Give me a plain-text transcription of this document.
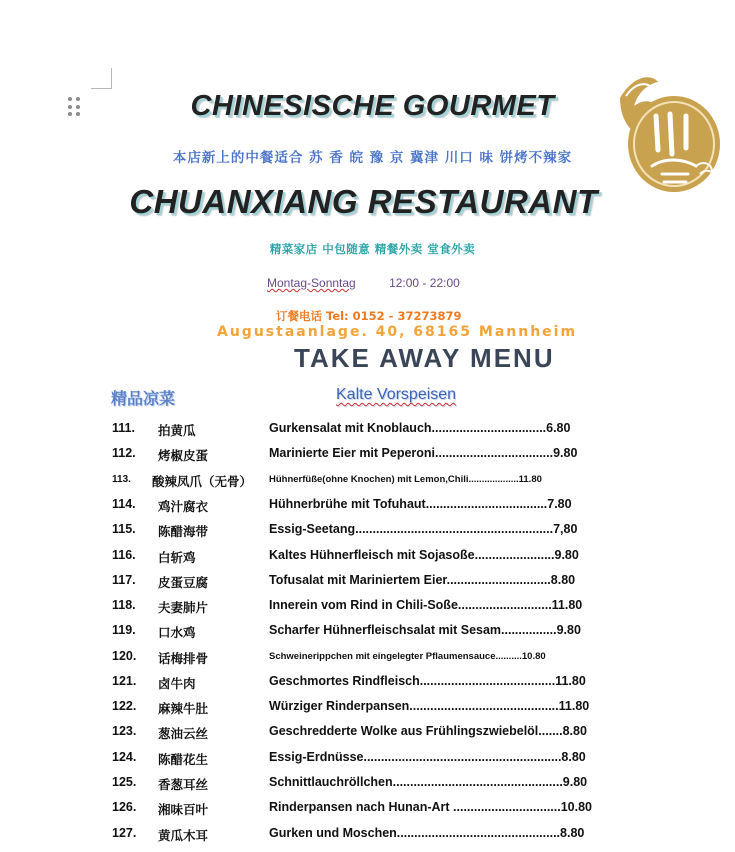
CHINESISCHE GOURMET
本店新上的中餐适合 苏 香 皖 豫 京 冀津 川口 味 饼烤不辣家
CHUANXIANG RESTAURANT
精菜家店 中包随意 精餐外卖 堂食外卖
Montag-Sonntag	12:00 - 22:00
订餐电话 Tel: 0152 - 37273879
Augustaanlage. 40, 68165 Mannheim
TAKE AWAY MENU
精品凉菜	Kalte Vorspeisen
111. 拍黄瓜	Gurkensalat mit Knoblauch.................................6.80
112. 烤椒皮蛋	Marinierte Eier mit Peperoni..................................9.80
113. 酸辣凤爪（无骨） Hühnerfüße(ohne Knochen) mit Lemon,Chili...................11.80
114. 鸡汁腐衣	Hühnerbrühe mit Tofuhaut...................................7.80
115. 陈醋海带	Essig-Seetang.........................................................7,80
116. 白斩鸡	Kaltes Hühnerfleisch mit Sojasoße.......................9.80
117. 皮蛋豆腐	Tofusalat mit Mariniertem Eier..............................8.80
118. 夫妻肺片	Innerein vom Rind in Chili-Soße...........................11.80
119. 口水鸡	Scharfer Hühnerfleischsalat mit Sesam................9.80
120. 话梅排骨	Schweinerippchen mit eingelegter Pflaumensauce..........10.80
121. 卤牛肉	Geschmortes Rindfleisch.......................................11.80
122. 麻辣牛肚	Würziger Rinderpansen...........................................11.80
123. 葱油云丝	Geschredderte Wolke aus Frühlingszwiebelöl.......8.80
124. 陈醋花生	Essig-Erdnüsse.........................................................8.80
125. 香葱耳丝	Schnittlauchröllchen.................................................9.80
126. 湘味百叶	Rinderpansen nach Hunan-Art ...............................10.80
127. 黄瓜木耳	Gurken und Moschen...............................................8.80
